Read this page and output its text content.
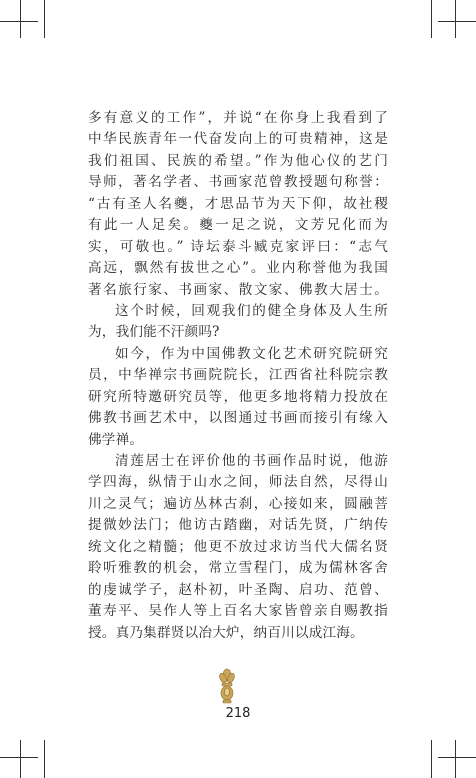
多有意义的工作”，并说“在你身上我看到了
中华民族青年一代奋发向上的可贵精神，这是
我们祖国、民族的希望。”作为他心仪的艺门
导师，著名学者、书画家范曾教授题句称誉：
“古有圣人名夔，才思品节为天下仰，故社稷
有此一人足矣。夔一足之说，文芳兄化而为
实，可敬也。” 诗坛泰斗臧克家评曰：“志气
高远，飘然有拔世之心”。业内称誉他为我国
著名旅行家、书画家、散文家、佛教大居士。
这个时候，回观我们的健全身体及人生所
为，我们能不汗颜吗?
如今，作为中国佛教文化艺术研究院研究
员，中华禅宗书画院院长，江西省社科院宗教
研究所特邀研究员等，他更多地将精力投放在
佛教书画艺术中，以图通过书画而接引有缘入
佛学禅。
清莲居士在评价他的书画作品时说，他游
学四海，纵情于山水之间，师法自然，尽得山
川之灵气；遍访丛林古刹，心接如来，圆融菩
提微妙法门；他访古踏幽，对话先贤，广纳传
统文化之精髓；他更不放过求访当代大儒名贤
聆听雅教的机会，常立雪程门，成为儒林客舍
的虔诚学子，赵朴初，叶圣陶、启功、范曾、
董寿平、吴作人等上百名大家皆曾亲自赐教指
授。真乃集群贤以冶大炉，纳百川以成江海。
218
